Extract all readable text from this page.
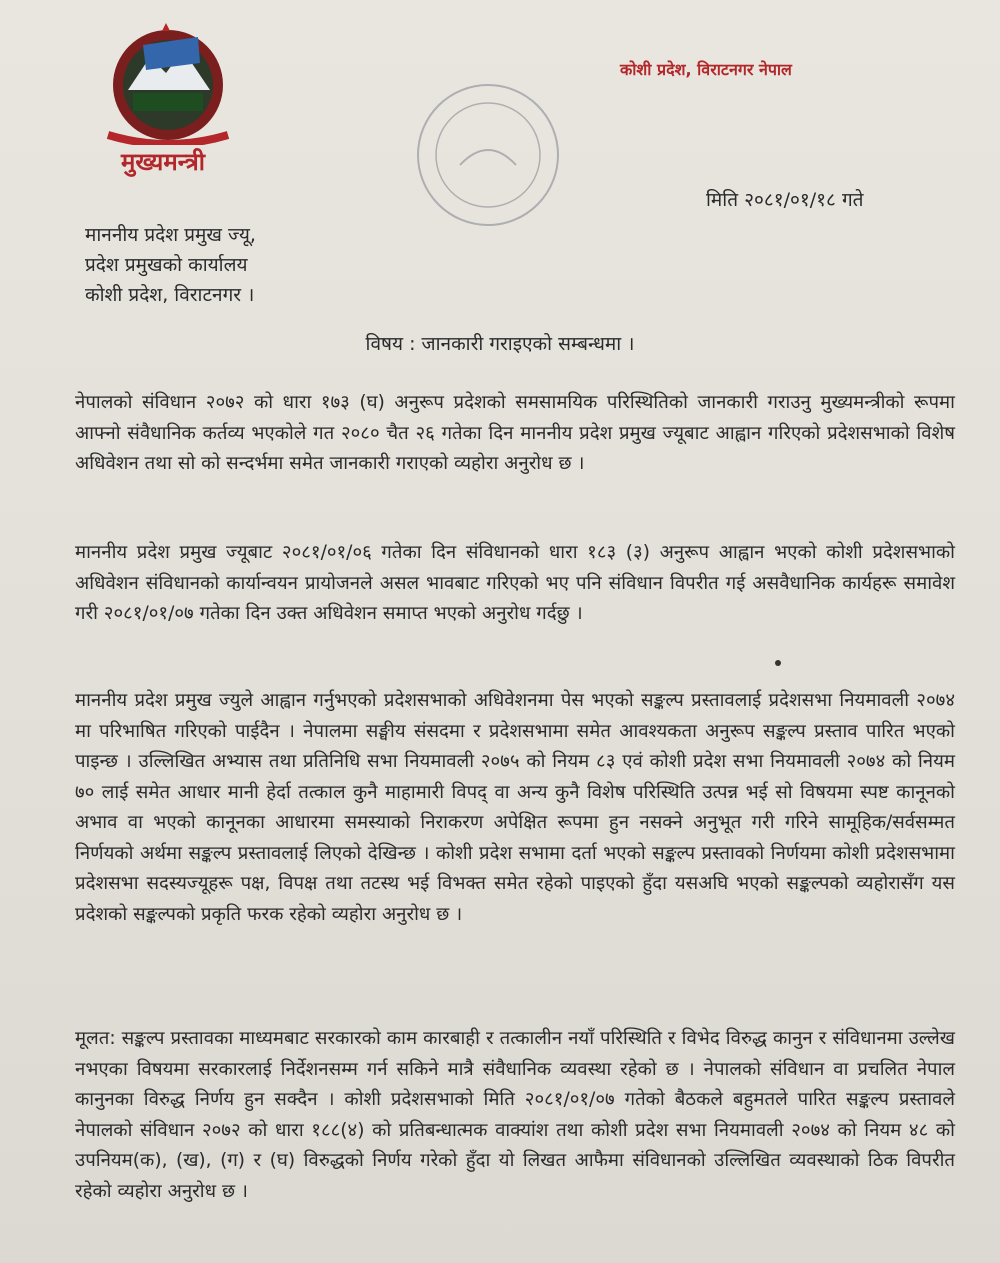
मुख्यमन्त्री
कोशी प्रदेश, विराटनगर नेपाल
मिति २०८१/०१/१८ गते
माननीय प्रदेश प्रमुख ज्यू,
प्रदेश प्रमुखको कार्यालय
कोशी प्रदेश, विराटनगर ।
विषय : जानकारी गराइएको सम्बन्धमा ।
नेपालको संविधान २०७२ को धारा १७३ (घ) अनुरूप प्रदेशको समसामयिक परिस्थितिको जानकारी गराउनु मुख्यमन्त्रीको रूपमा आफ्नो संवैधानिक कर्तव्य भएकोले गत २०८० चैत २६ गतेका दिन माननीय प्रदेश प्रमुख ज्यूबाट आह्वान गरिएको प्रदेशसभाको विशेष अधिवेशन तथा सो को सन्दर्भमा समेत जानकारी गराएको व्यहोरा अनुरोध छ ।
माननीय प्रदेश प्रमुख ज्यूबाट २०८१/०१/०६ गतेका दिन संविधानको धारा १८३ (३) अनुरूप आह्वान भएको कोशी प्रदेशसभाको अधिवेशन संविधानको कार्यान्वयन प्रायोजनले असल भावबाट गरिएको भए पनि संविधान विपरीत गई असवैधानिक कार्यहरू समावेश गरी २०८१/०१/०७ गतेका दिन उक्त अधिवेशन समाप्त भएको अनुरोध गर्दछु ।
माननीय प्रदेश प्रमुख ज्युले आह्वान गर्नुभएको प्रदेशसभाको अधिवेशनमा पेस भएको सङ्कल्प प्रस्तावलाई प्रदेशसभा नियमावली २०७४ मा परिभाषित गरिएको पाईदैन । नेपालमा सङ्घीय संसदमा र प्रदेशसभामा समेत आवश्यकता अनुरूप सङ्कल्प प्रस्ताव पारित भएको पाइन्छ । उल्लिखित अभ्यास तथा प्रतिनिधि सभा नियमावली २०७५ को नियम ८३ एवं कोशी प्रदेश सभा नियमावली २०७४ को नियम ७० लाई समेत आधार मानी हेर्दा तत्काल कुनै माहामारी विपद् वा अन्य कुनै विशेष परिस्थिति उत्पन्न भई सो विषयमा स्पष्ट कानूनको अभाव वा भएको कानूनका आधारमा समस्याको निराकरण अपेक्षित रूपमा हुन नसक्ने अनुभूत गरी गरिने सामूहिक/सर्वसम्मत निर्णयको अर्थमा सङ्कल्प प्रस्तावलाई लिएको देखिन्छ । कोशी प्रदेश सभामा दर्ता भएको सङ्कल्प प्रस्तावको निर्णयमा कोशी प्रदेशसभामा प्रदेशसभा सदस्यज्यूहरू पक्ष, विपक्ष तथा तटस्थ भई विभक्त समेत रहेको पाइएको हुँदा यसअघि भएको सङ्कल्पको व्यहोरासँग यस प्रदेशको सङ्कल्पको प्रकृति फरक रहेको व्यहोरा अनुरोध छ ।
मूलत: सङ्कल्प प्रस्तावका माध्यमबाट सरकारको काम कारबाही र तत्कालीन नयाँ परिस्थिति र विभेद विरुद्ध कानुन र संविधानमा उल्लेख नभएका विषयमा सरकारलाई निर्देशनसम्म गर्न सकिने मात्रै संवैधानिक व्यवस्था रहेको छ । नेपालको संविधान वा प्रचलित नेपाल कानुनका विरुद्ध निर्णय हुन सक्दैन । कोशी प्रदेशसभाको मिति २०८१/०१/०७ गतेको बैठकले बहुमतले पारित सङ्कल्प प्रस्तावले नेपालको संविधान २०७२ को धारा १८८(४) को प्रतिबन्धात्मक वाक्यांश तथा कोशी प्रदेश सभा नियमावली २०७४ को नियम ४८ को उपनियम(क), (ख), (ग) र (घ) विरुद्धको निर्णय गरेको हुँदा यो लिखत आफैमा संविधानको उल्लिखित व्यवस्थाको ठिक विपरीत रहेको व्यहोरा अनुरोध छ ।
